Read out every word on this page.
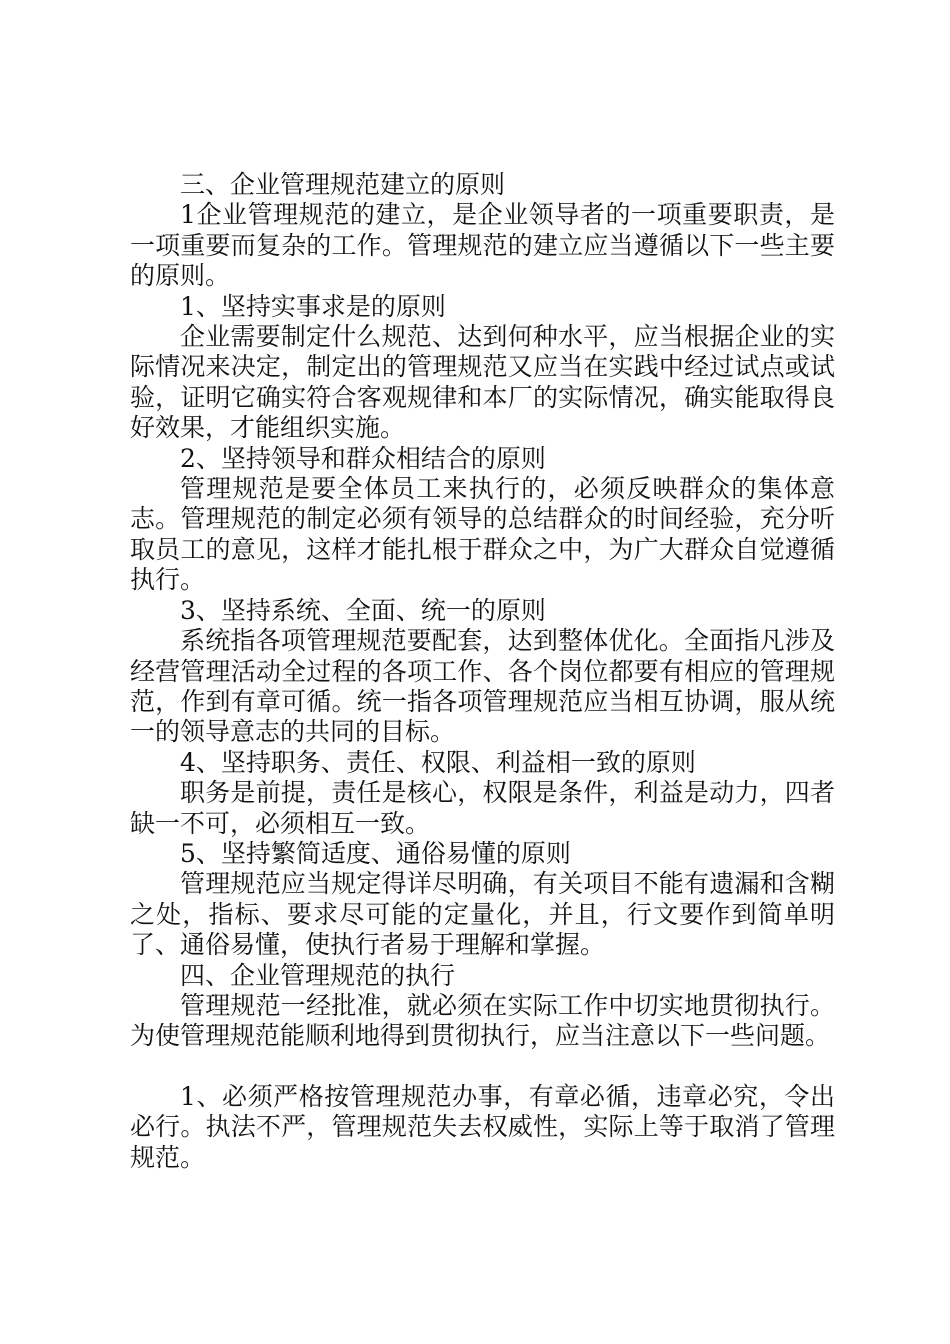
三、企业管理规范建立的原则

1企业管理规范的建立，是企业领导者的一项重要职责，是一项重要而复杂的工作。管理规范的建立应当遵循以下一些主要的原则。

1、坚持实事求是的原则

企业需要制定什么规范、达到何种水平，应当根据企业的实际情况来决定，制定出的管理规范又应当在实践中经过试点或试验，证明它确实符合客观规律和本厂的实际情况，确实能取得良好效果，才能组织实施。

2、坚持领导和群众相结合的原则

管理规范是要全体员工来执行的，必须反映群众的集体意志。管理规范的制定必须有领导的总结群众的时间经验，充分听取员工的意见，这样才能扎根于群众之中，为广大群众自觉遵循执行。

3、坚持系统、全面、统一的原则

系统指各项管理规范要配套，达到整体优化。全面指凡涉及经营管理活动全过程的各项工作、各个岗位都要有相应的管理规范，作到有章可循。统一指各项管理规范应当相互协调，服从统一的领导意志的共同的目标。

4、坚持职务、责任、权限、利益相一致的原则

职务是前提，责任是核心，权限是条件，利益是动力，四者缺一不可，必须相互一致。

5、坚持繁简适度、通俗易懂的原则

管理规范应当规定得详尽明确，有关项目不能有遗漏和含糊之处，指标、要求尽可能的定量化，并且，行文要作到简单明了、通俗易懂，使执行者易于理解和掌握。

四、企业管理规范的执行

管理规范一经批准，就必须在实际工作中切实地贯彻执行。为使管理规范能顺利地得到贯彻执行，应当注意以下一些问题。

1、必须严格按管理规范办事，有章必循，违章必究，令出必行。执法不严，管理规范失去权威性，实际上等于取消了管理规范。
